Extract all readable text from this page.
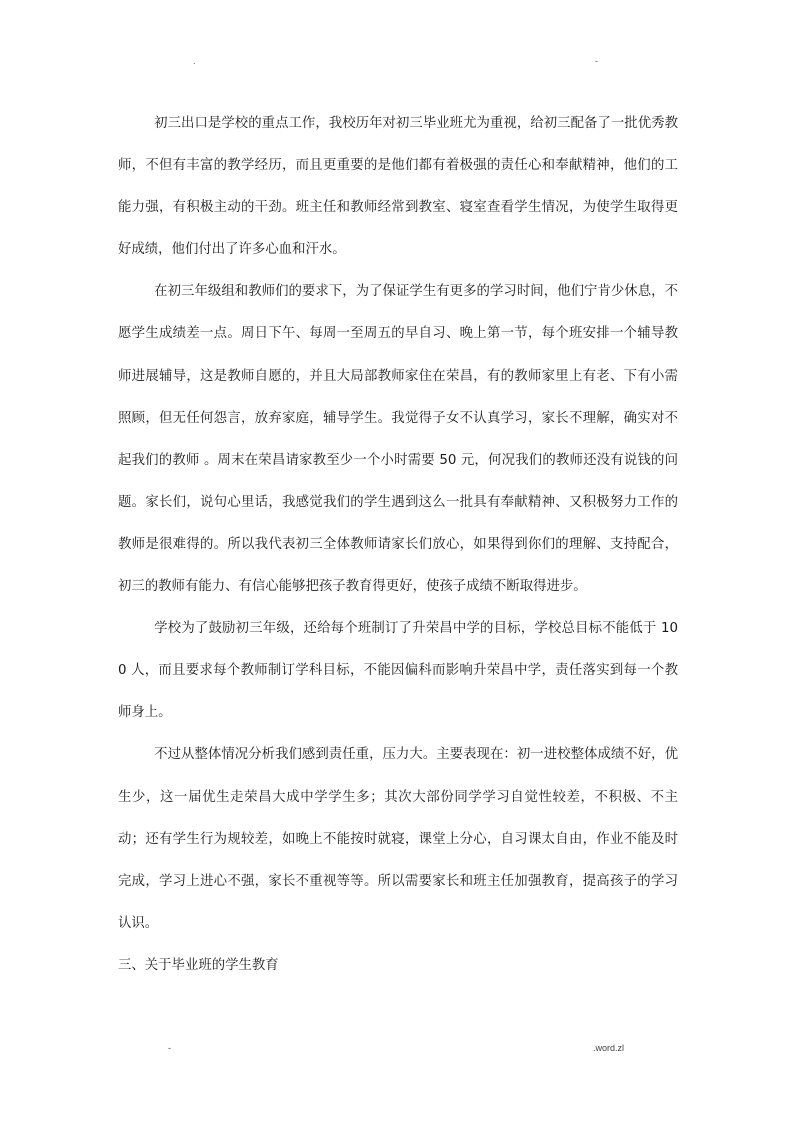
.	-

初三出口是学校的重点工作，我校历年对初三毕业班尤为重视，给初三配备了一批优秀教师，不但有丰富的教学经历，而且更重要的是他们都有着极强的责任心和奉献精神，他们的工能力强，有积极主动的干劲。班主任和教师经常到教室、寝室查看学生情况，为使学生取得更好成绩，他们付出了许多心血和汗水。

在初三年级组和教师们的要求下，为了保证学生有更多的学习时间，他们宁肯少休息，不愿学生成绩差一点。周日下午、每周一至周五的早自习、晚上第一节，每个班安排一个辅导教师进展辅导，这是教师自愿的，并且大局部教师家住在荣昌，有的教师家里上有老、下有小需照顾，但无任何怨言，放弃家庭，辅导学生。我觉得子女不认真学习，家长不理解，确实对不起我们的教师 。周末在荣昌请家教至少一个小时需要 50 元，何况我们的教师还没有说钱的问题。家长们，说句心里话，我感觉我们的学生遇到这么一批具有奉献精神、又积极努力工作的教师是很难得的。所以我代表初三全体教师请家长们放心，如果得到你们的理解、支持配合，初三的教师有能力、有信心能够把孩子教育得更好，使孩子成绩不断取得进步。

学校为了鼓励初三年级，还给每个班制订了升荣昌中学的目标，学校总目标不能低于 100 人，而且要求每个教师制订学科目标，不能因偏科而影响升荣昌中学，责任落实到每一个教师身上。

不过从整体情况分析我们感到责任重，压力大。主要表现在：初一进校整体成绩不好，优生少，这一届优生走荣昌大成中学学生多；其次大部份同学学习自觉性较差，不积极、不主动；还有学生行为规较差，如晚上不能按时就寝，课堂上分心，自习课太自由，作业不能及时完成，学习上进心不强，家长不重视等等。所以需要家长和班主任加强教育，提高孩子的学习认识。

三、关于毕业班的学生教育

-	.word.zl
